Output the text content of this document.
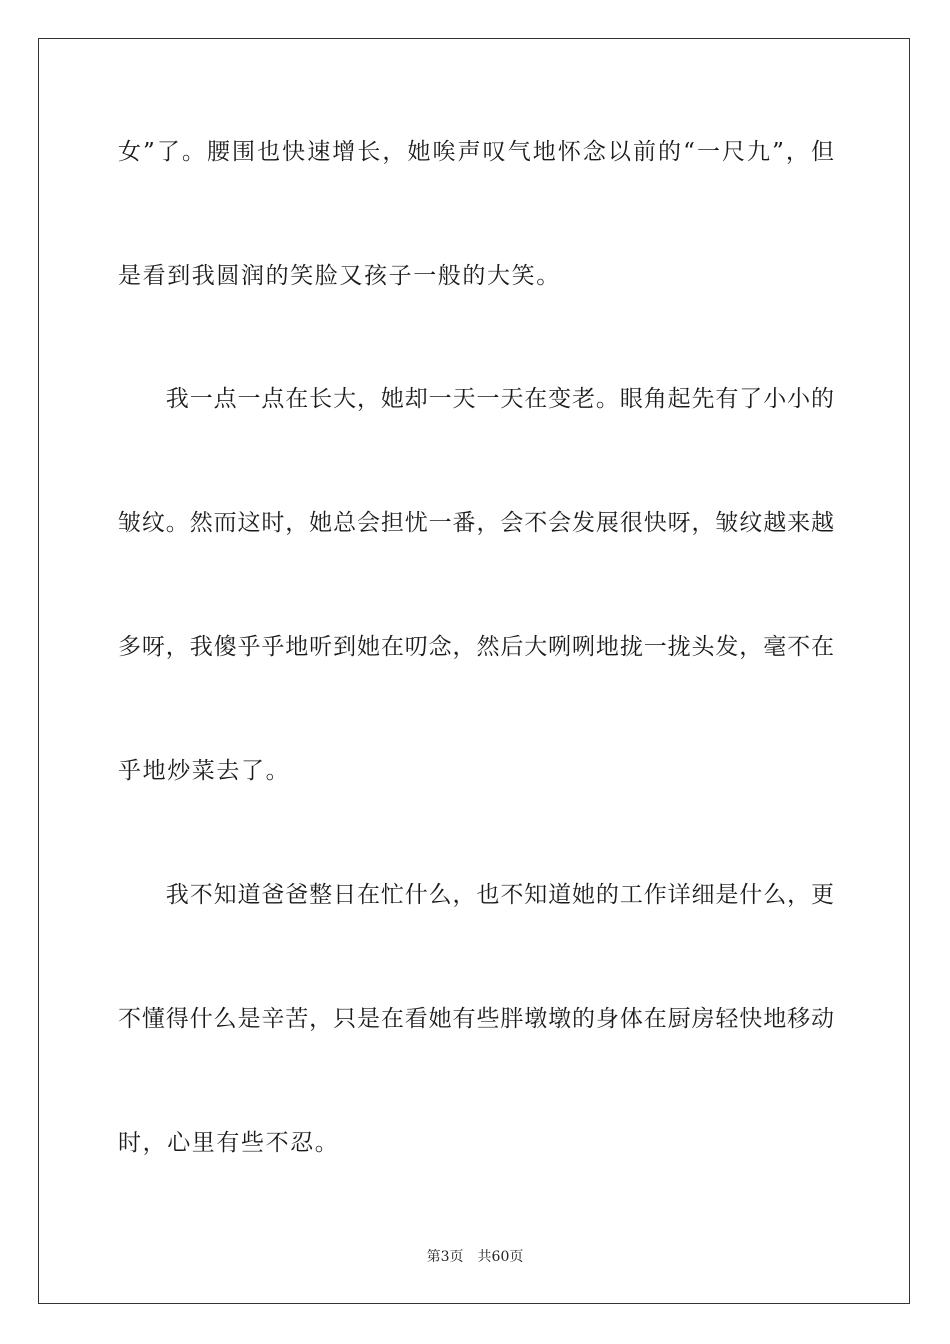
女”了。腰围也快速增长，她唉声叹气地怀念以前的“一尺九”，但
是看到我圆润的笑脸又孩子一般的大笑。
　　我一点一点在长大，她却一天一天在变老。眼角起先有了小小的
皱纹。然而这时，她总会担忧一番，会不会发展很快呀，皱纹越来越
多呀，我傻乎乎地听到她在叨念，然后大咧咧地拢一拢头发，毫不在
乎地炒菜去了。
　　我不知道爸爸整日在忙什么，也不知道她的工作详细是什么，更
不懂得什么是辛苦，只是在看她有些胖墩墩的身体在厨房轻快地移动
时，心里有些不忍。
第3页 共60页
